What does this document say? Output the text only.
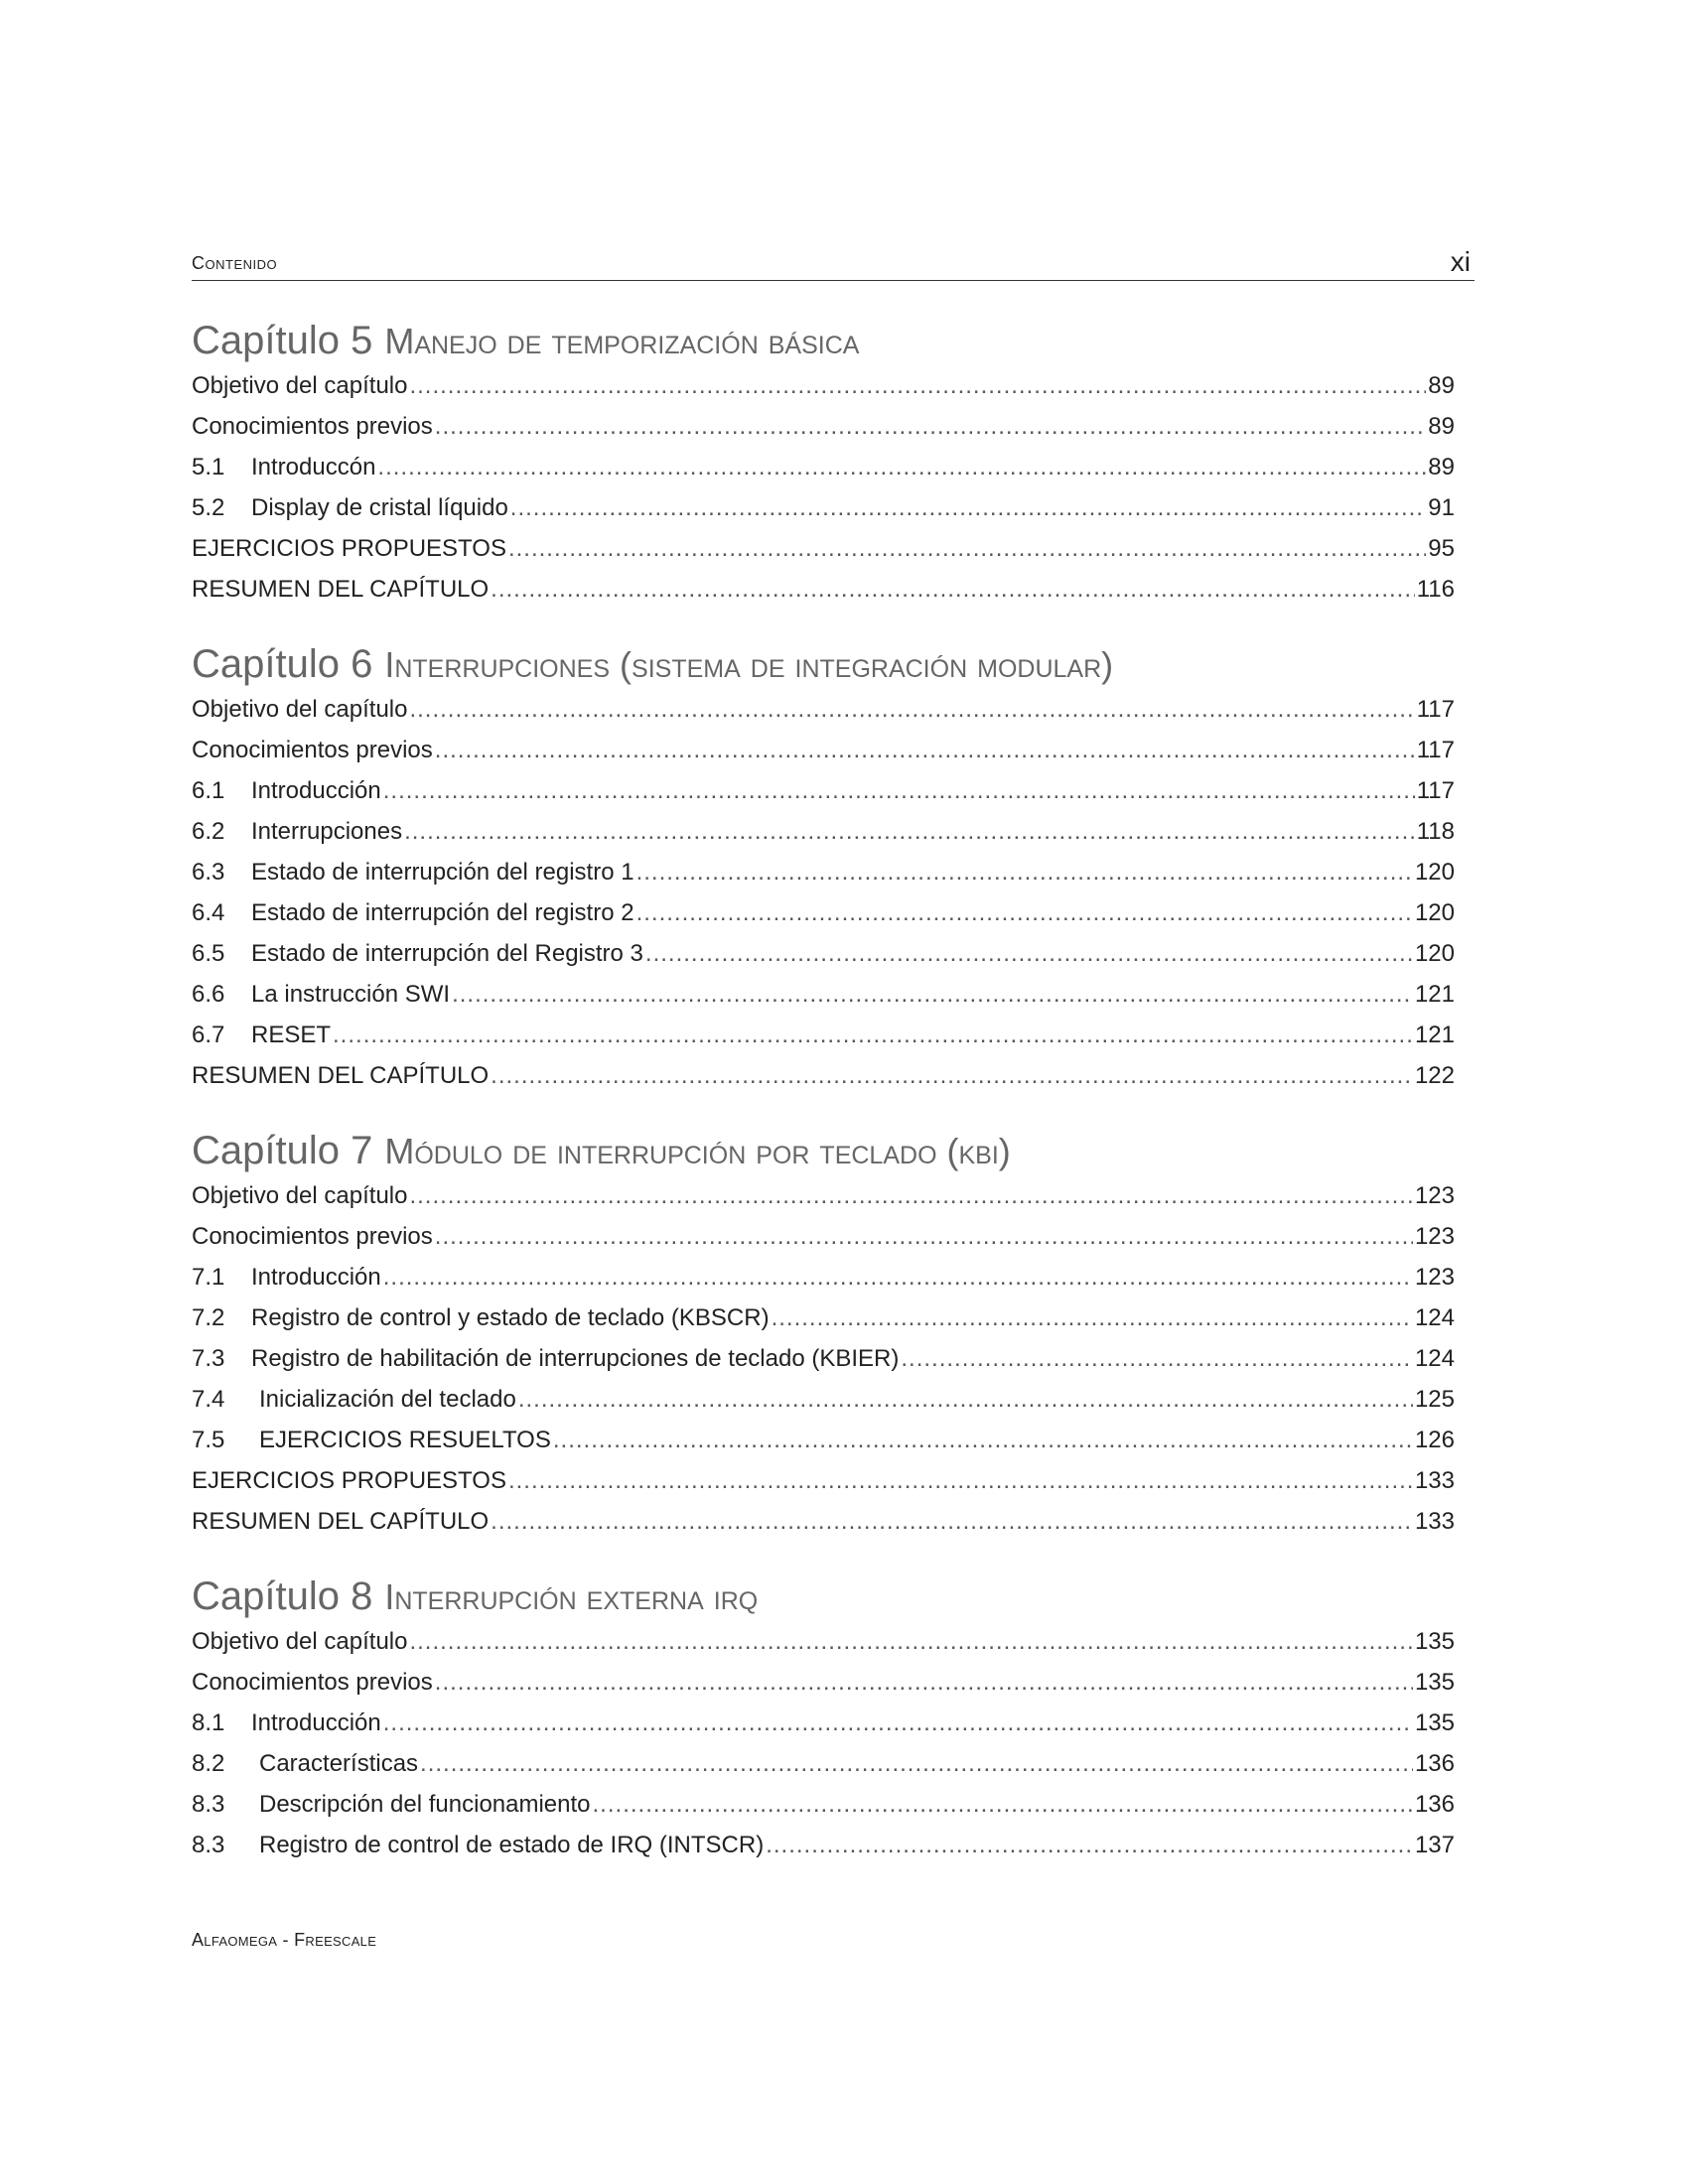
Contenido	xi
Capítulo 5 Manejo de temporización básica
Objetivo del capítulo .....	89
Conocimientos previos .....	89
5.1	Introduccón .....	89
5.2	Display de cristal líquido .....	91
EJERCICIOS PROPUESTOS .....	95
RESUMEN DEL CAPÍTULO .....	116
Capítulo 6 Interrupciones (sistema de integración modular)
Objetivo del capítulo .....	117
Conocimientos previos .....	117
6.1	Introducción .....	117
6.2	Interrupciones .....	118
6.3	Estado de interrupción del registro 1 .....	120
6.4	Estado de interrupción del registro 2 .....	120
6.5	Estado de interrupción del Registro 3 .....	120
6.6	La instrucción SWI .....	121
6.7	RESET .....	121
RESUMEN DEL CAPÍTULO .....	122
Capítulo 7 Módulo de interrupción por teclado (kbi)
Objetivo del capítulo .....	123
Conocimientos previos .....	123
7.1	Introducción .....	123
7.2	Registro de control y estado de teclado (KBSCR) .....	124
7.3	Registro de habilitación de interrupciones de teclado (KBIER) .....	124
7.4	Inicialización del teclado .....	125
7.5	EJERCICIOS RESUELTOS .....	126
EJERCICIOS PROPUESTOS .....	133
RESUMEN DEL CAPÍTULO .....	133
Capítulo 8 Interrupción externa irq
Objetivo del capítulo .....	135
Conocimientos previos .....	135
8.1	Introducción .....	135
8.2	Características .....	136
8.3	Descripción del funcionamiento .....	136
8.3	Registro de control de estado de IRQ (INTSCR) .....	137
Alfaomega - Freescale
